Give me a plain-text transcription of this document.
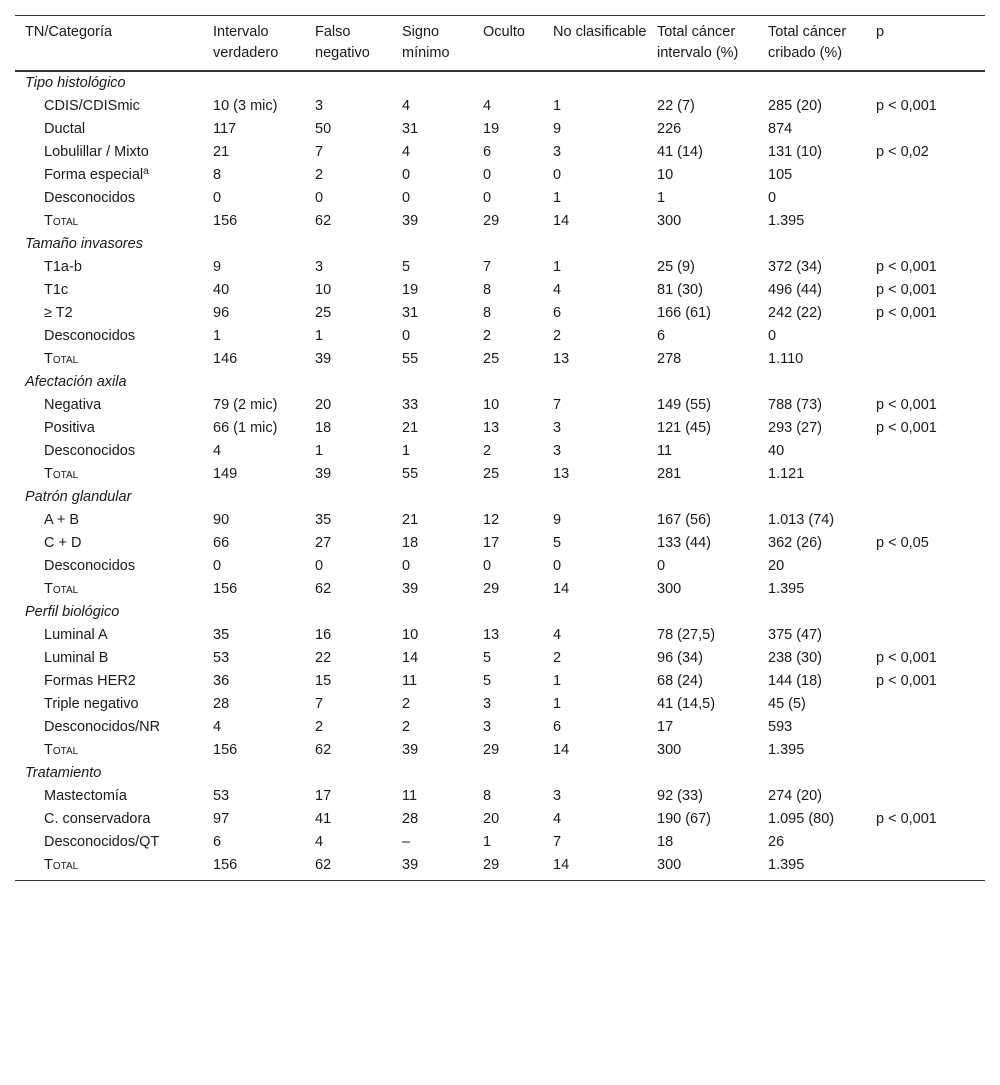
TN/Categoría	Intervalo verdadero	Falso negativo	Signo mínimo	Oculto	No clasificable	Total cáncer intervalo (%)	Total cáncer cribado (%)	p
Tipo histológico								
CDIS/CDISmic	10 (3 mic)	3	4	4	1	22 (7)	285 (20)	p < 0,001
Ductal	117	50	31	19	9	226	874	
Lobulillar / Mixto	21	7	4	6	3	41 (14)	131 (10)	p < 0,02
Forma especial$^a$	8	2	0	0	0	10	105	
Desconocidos	0	0	0	0	1	1	0	
Total	156	62	39	29	14	300	1.395	
Tamaño invasores								
T1a-b	9	3	5	7	1	25 (9)	372 (34)	p < 0,001
T1c	40	10	19	8	4	81 (30)	496 (44)	p < 0,001
≥ T2	96	25	31	8	6	166 (61)	242 (22)	p < 0,001
Desconocidos	1	1	0	2	2	6	0	
Total	146	39	55	25	13	278	1.110	
Afectación axila								
Negativa	79 (2 mic)	20	33	10	7	149 (55)	788 (73)	p < 0,001
Positiva	66 (1 mic)	18	21	13	3	121 (45)	293 (27)	p < 0,001
Desconocidos	4	1	1	2	3	11	40	
Total	149	39	55	25	13	281	1.121	
Patrón glandular								
A + B	90	35	21	12	9	167 (56)	1.013 (74)	
C + D	66	27	18	17	5	133 (44)	362 (26)	p < 0,05
Desconocidos	0	0	0	0	0	0	20	
Total	156	62	39	29	14	300	1.395	
Perfil biológico								
Luminal A	35	16	10	13	4	78 (27,5)	375 (47)	
Luminal B	53	22	14	5	2	96 (34)	238 (30)	p < 0,001
Formas HER2	36	15	11	5	1	68 (24)	144 (18)	p < 0,001
Triple negativo	28	7	2	3	1	41 (14,5)	45 (5)	
Desconocidos/NR	4	2	2	3	6	17	593	
Total	156	62	39	29	14	300	1.395	
Tratamiento								
Mastectomía	53	17	11	8	3	92 (33)	274 (20)	
C. conservadora	97	41	28	20	4	190 (67)	1.095 (80)	p < 0,001
Desconocidos/QT	6	4	–	1	7	18	26	
Total	156	62	39	29	14	300	1.395	
